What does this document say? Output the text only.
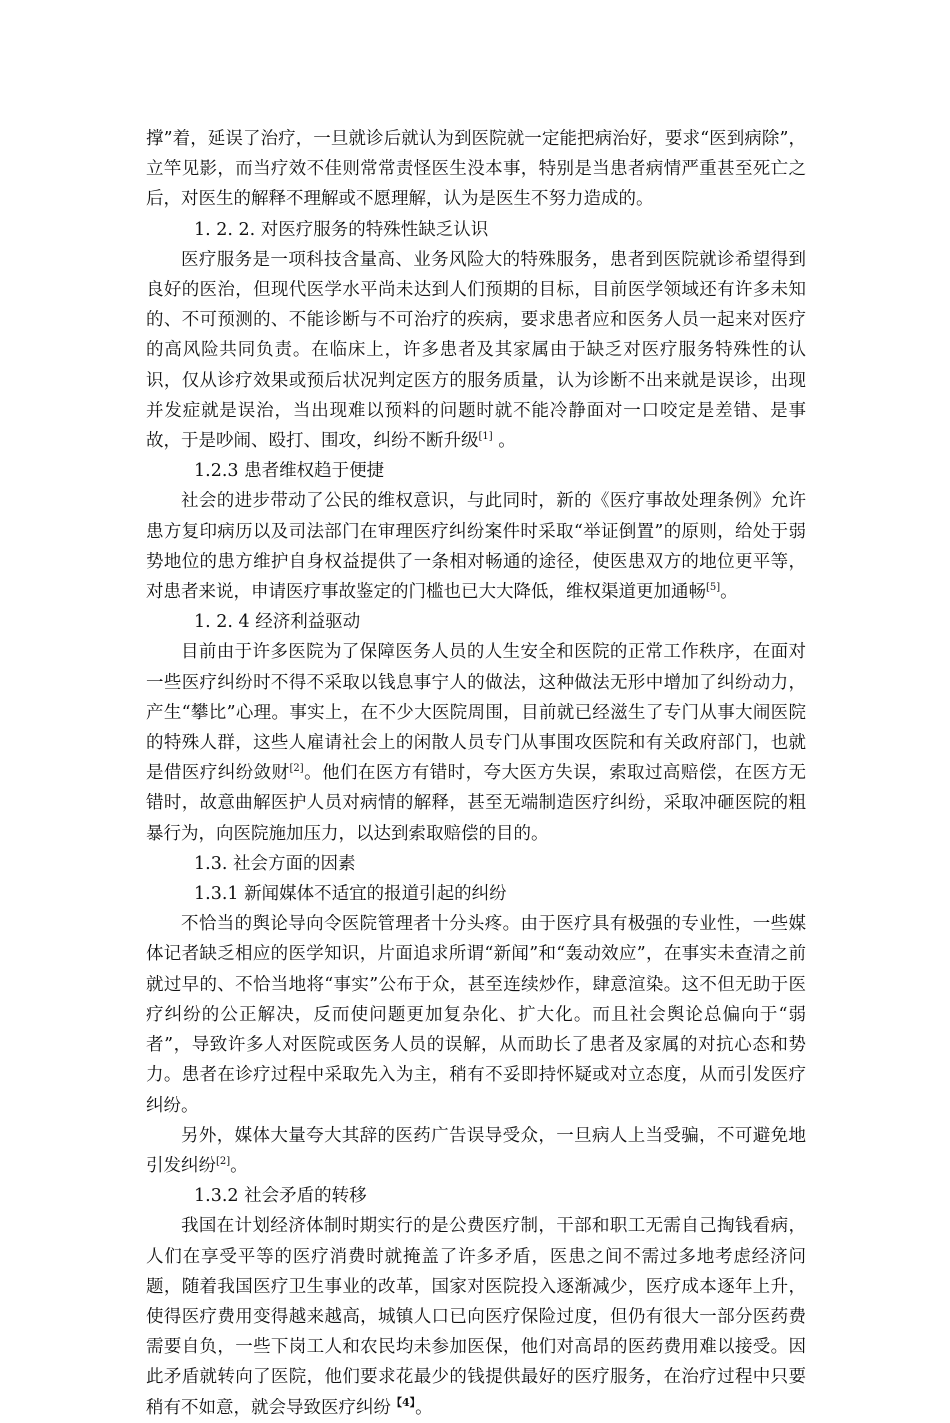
撑”着，延误了治疗，一旦就诊后就认为到医院就一定能把病治好，要求“医到病除”，立竿见影，而当疗效不佳则常常责怪医生没本事，特别是当患者病情严重甚至死亡之后，对医生的解释不理解或不愿理解，认为是医生不努力造成的。

1. 2. 2. 对医疗服务的特殊性缺乏认识

医疗服务是一项科技含量高、业务风险大的特殊服务，患者到医院就诊希望得到良好的医治，但现代医学水平尚未达到人们预期的目标，目前医学领域还有许多未知的、不可预测的、不能诊断与不可治疗的疾病，要求患者应和医务人员一起来对医疗的高风险共同负责。在临床上，许多患者及其家属由于缺乏对医疗服务特殊性的认识，仅从诊疗效果或预后状况判定医方的服务质量，认为诊断不出来就是误诊，出现并发症就是误治，当出现难以预料的问题时就不能冷静面对一口咬定是差错、是事故，于是吵闹、殴打、围攻，纠纷不断升级[1] 。

1.2.3 患者维权趋于便捷

社会的进步带动了公民的维权意识，与此同时，新的《医疗事故处理条例》允许患方复印病历以及司法部门在审理医疗纠纷案件时采取“举证倒置”的原则，给处于弱势地位的患方维护自身权益提供了一条相对畅通的途径，使医患双方的地位更平等，对患者来说，申请医疗事故鉴定的门槛也已大大降低，维权渠道更加通畅[5]。

1. 2. 4 经济利益驱动

目前由于许多医院为了保障医务人员的人生安全和医院的正常工作秩序，在面对一些医疗纠纷时不得不采取以钱息事宁人的做法，这种做法无形中增加了纠纷动力，产生“攀比”心理。事实上，在不少大医院周围，目前就已经滋生了专门从事大闹医院的特殊人群，这些人雇请社会上的闲散人员专门从事围攻医院和有关政府部门，也就是借医疗纠纷敛财[2]。他们在医方有错时，夸大医方失误，索取过高赔偿，在医方无错时，故意曲解医护人员对病情的解释，甚至无端制造医疗纠纷，采取冲砸医院的粗暴行为，向医院施加压力，以达到索取赔偿的目的。

1.3. 社会方面的因素

1.3.1 新闻媒体不适宜的报道引起的纠纷

不恰当的舆论导向令医院管理者十分头疼。由于医疗具有极强的专业性，一些媒体记者缺乏相应的医学知识，片面追求所谓“新闻”和“轰动效应”，在事实未查清之前就过早的、不恰当地将“事实”公布于众，甚至连续炒作，肆意渲染。这不但无助于医疗纠纷的公正解决，反而使问题更加复杂化、扩大化。而且社会舆论总偏向于“弱者”，导致许多人对医院或医务人员的误解，从而助长了患者及家属的对抗心态和势力。患者在诊疗过程中采取先入为主，稍有不妥即持怀疑或对立态度，从而引发医疗纠纷。

另外，媒体大量夸大其辞的医药广告误导受众，一旦病人上当受骗，不可避免地引发纠纷[2]。

1.3.2 社会矛盾的转移

我国在计划经济体制时期实行的是公费医疗制，干部和职工无需自己掏钱看病，人们在享受平等的医疗消费时就掩盖了许多矛盾，医患之间不需过多地考虑经济问题，随着我国医疗卫生事业的改革，国家对医院投入逐渐减少，医疗成本逐年上升，使得医疗费用变得越来越高，城镇人口已向医疗保险过度，但仍有很大一部分医药费需要自负，一些下岗工人和农民均未参加医保，他们对高昂的医药费用难以接受。因此矛盾就转向了医院，他们要求花最少的钱提供最好的医疗服务，在治疗过程中只要稍有不如意，就会导致医疗纠纷$^{【4】}$。
